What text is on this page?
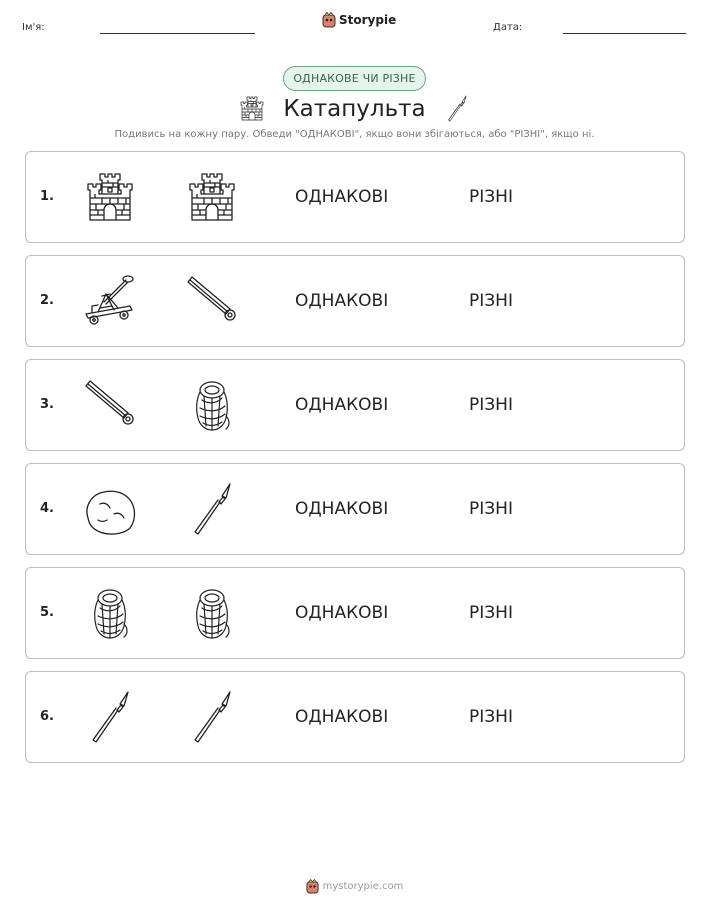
Ім'я:
Storypie
Дата:
ОДНАКОВЕ ЧИ РІЗНЕ
Катапульта
Подивись на кожну пару. Обведи "ОДНАКОВІ", якщо вони збігаються, або "РІЗНІ", якщо ні.
1.	ОДНАКОВІ	РІЗНІ
2.	ОДНАКОВІ	РІЗНІ
3.	ОДНАКОВІ	РІЗНІ
4.	ОДНАКОВІ	РІЗНІ
5.	ОДНАКОВІ	РІЗНІ
6.	ОДНАКОВІ	РІЗНІ
mystorypie.com
